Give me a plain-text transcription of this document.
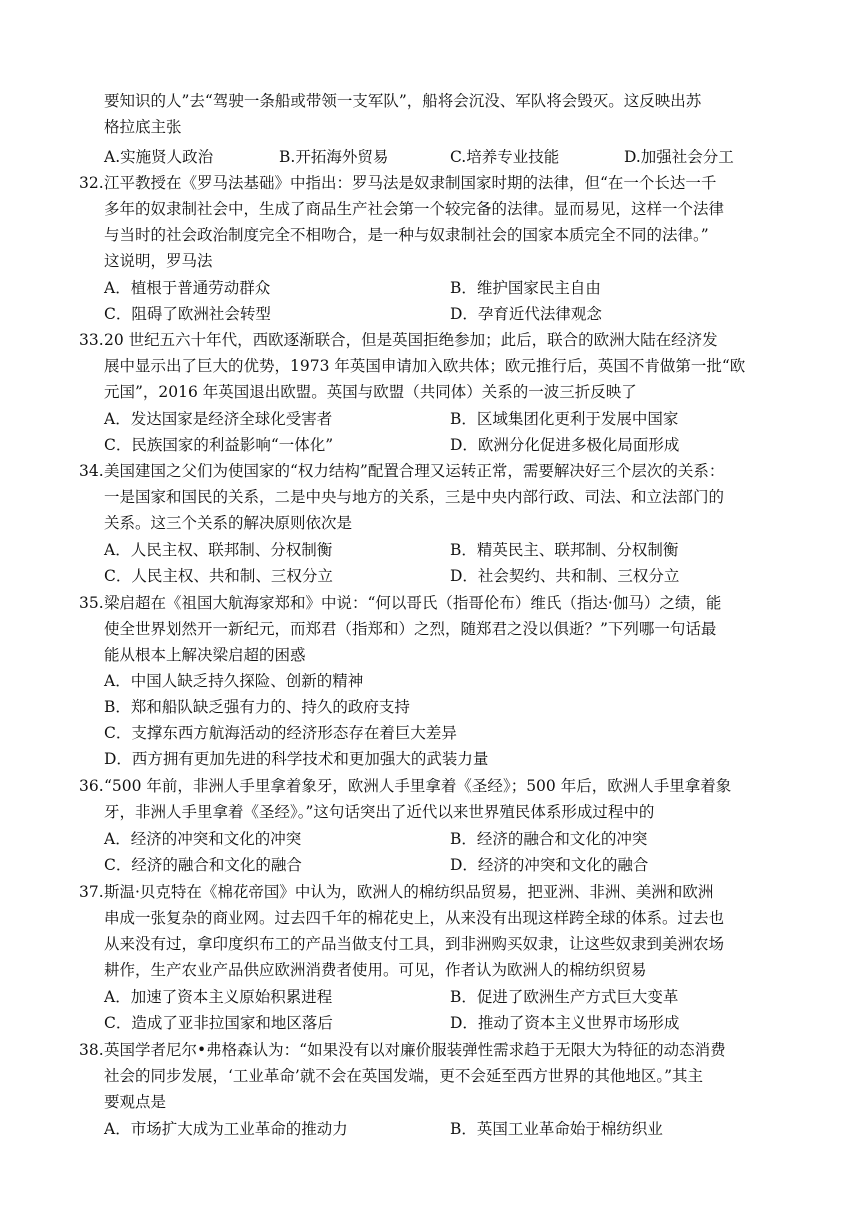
要知识的人”去“驾驶一条船或带领一支军队”，船将会沉没、军队将会毁灭。这反映出苏
格拉底主张
A.实施贤人政治	B.开拓海外贸易	C.培养专业技能	D.加强社会分工
32. 江平教授在《罗马法基础》中指出：罗马法是奴隶制国家时期的法律，但“在一个长达一千
多年的奴隶制社会中，生成了商品生产社会第一个较完备的法律。显而易见，这样一个法律
与当时的社会政治制度完全不相吻合，是一种与奴隶制社会的国家本质完全不同的法律。”
这说明，罗马法
A．植根于普通劳动群众	B．维护国家民主自由
C．阻碍了欧洲社会转型	D．孕育近代法律观念
33. 20 世纪五六十年代，西欧逐渐联合，但是英国拒绝参加；此后，联合的欧洲大陆在经济发
展中显示出了巨大的优势，1973 年英国申请加入欧共体；欧元推行后，英国不肯做第一批“欧
元国”，2016 年英国退出欧盟。英国与欧盟（共同体）关系的一波三折反映了
A．发达国家是经济全球化受害者	B．区域集团化更利于发展中国家
C．民族国家的利益影响“一体化”	D．欧洲分化促进多极化局面形成
34. 美国建国之父们为使国家的“权力结构”配置合理又运转正常，需要解决好三个层次的关系：
一是国家和国民的关系，二是中央与地方的关系，三是中央内部行政、司法、和立法部门的
关系。这三个关系的解决原则依次是
A．人民主权、联邦制、分权制衡	B．精英民主、联邦制、分权制衡
C．人民主权、共和制、三权分立	D．社会契约、共和制、三权分立
35. 梁启超在《祖国大航海家郑和》中说：“何以哥氏（指哥伦布）维氏（指达·伽马）之绩，能
使全世界划然开一新纪元，而郑君（指郑和）之烈，随郑君之没以俱逝？”下列哪一句话最
能从根本上解决梁启超的困惑
A．中国人缺乏持久探险、创新的精神
B．郑和船队缺乏强有力的、持久的政府支持
C．支撑东西方航海活动的经济形态存在着巨大差异
D．西方拥有更加先进的科学技术和更加强大的武装力量
36. “500 年前，非洲人手里拿着象牙，欧洲人手里拿着《圣经》；500 年后，欧洲人手里拿着象
牙，非洲人手里拿着《圣经》。”这句话突出了近代以来世界殖民体系形成过程中的
A．经济的冲突和文化的冲突	B．经济的融合和文化的冲突
C．经济的融合和文化的融合	D．经济的冲突和文化的融合
37. 斯温·贝克特在《棉花帝国》中认为，欧洲人的棉纺织品贸易，把亚洲、非洲、美洲和欧洲
串成一张复杂的商业网。过去四千年的棉花史上，从来没有出现这样跨全球的体系。过去也
从来没有过，拿印度织布工的产品当做支付工具，到非洲购买奴隶，让这些奴隶到美洲农场
耕作，生产农业产品供应欧洲消费者使用。可见，作者认为欧洲人的棉纺织贸易
A．加速了资本主义原始积累进程	B．促进了欧洲生产方式巨大变革
C．造成了亚非拉国家和地区落后	D．推动了资本主义世界市场形成
38. 英国学者尼尔•弗格森认为：“如果没有以对廉价服装弹性需求趋于无限大为特征的动态消费
社会的同步发展，‘工业革命’就不会在英国发端，更不会延至西方世界的其他地区。”其主
要观点是
A．市场扩大成为工业革命的推动力	B．英国工业革命始于棉纺织业
